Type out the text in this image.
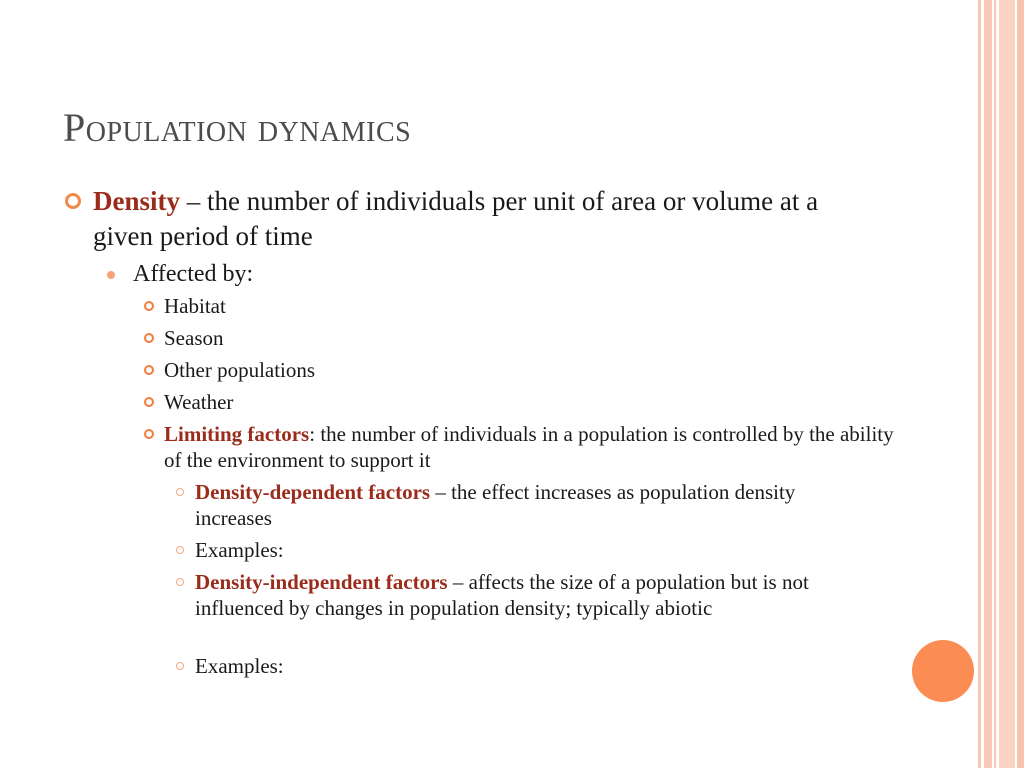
Population dynamics

Density – the number of individuals per unit of area or volume at a given period of time

Affected by:

Habitat

Season

Other populations

Weather

Limiting factors: the number of individuals in a population is controlled by the ability of the environment to support it

Density-dependent factors – the effect increases as population density increases

Examples:

Density-independent factors – affects the size of a population but is not influenced by changes in population density; typically abiotic

Examples:
